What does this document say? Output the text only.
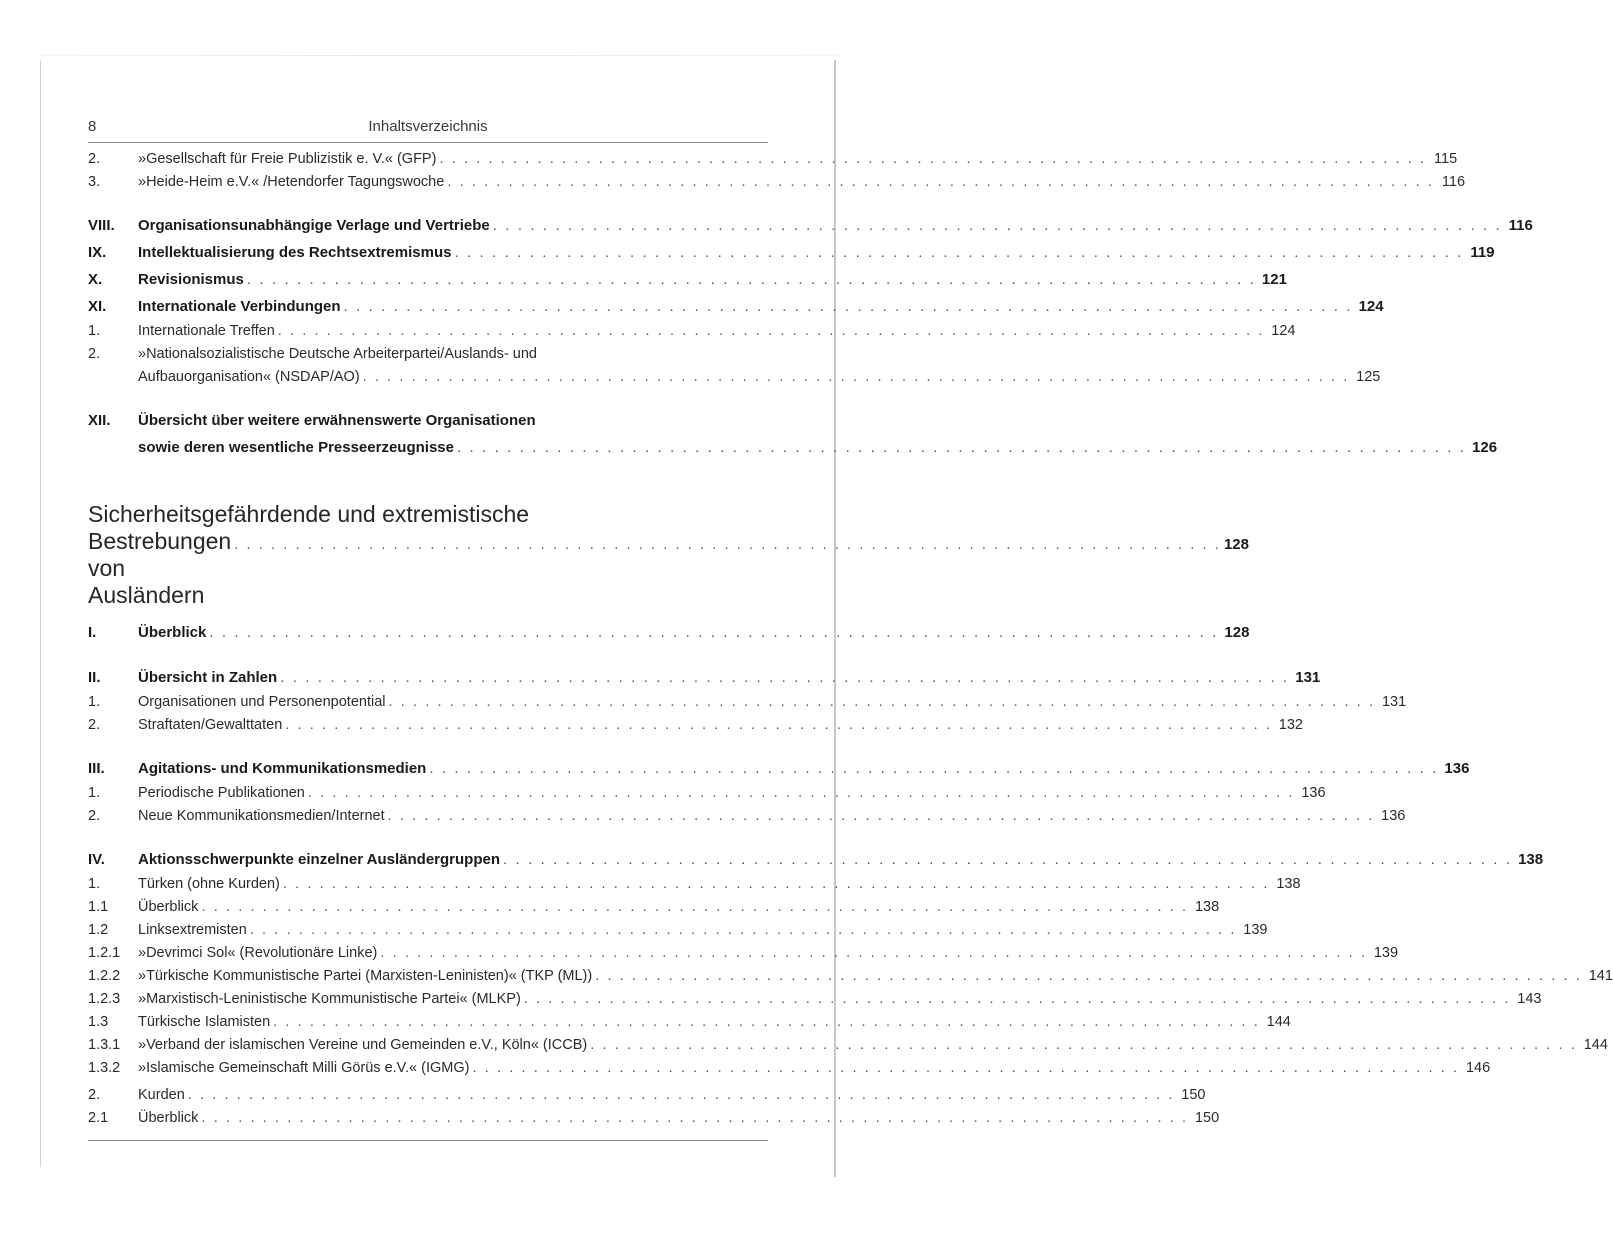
8	Inhaltsverzeichnis
2.	»Gesellschaft für Freie Publizistik e. V.« (GFP) . . . . . . . . . . . . . . . . . . . . . . . . . . . . . . . . . . . . . . . . . . . . . . . . . . . . . . . . . . . . . . . . . . . . . . . . . . . . . . . . . 115
3.	»Heide-Heim e.V.« /Hetendorfer Tagungswoche . . . . . . . . . . . . . . . . . . . . . . . . . . . . . . . . . . . . . . . . . . . . . . . . . . . . . . . . . . . . . . . . . . . . . . . . . . . . . . . . . 116
VIII.	Organisationsunabhängige Verlage und Vertriebe . . . . . . . . . . . . . . . . . . . . . . . . . . . . . . . . . . . . . . . . . . . . . . . . . . . . . . . . . . . . . . . . . . . . . . . . . . . . . . . . . 116
IX.	Intellektualisierung des Rechtsextremismus . . . . . . . . . . . . . . . . . . . . . . . . . . . . . . . . . . . . . . . . . . . . . . . . . . . . . . . . . . . . . . . . . . . . . . . . . . . . . . . . . 119
X.	Revisionismus . . . . . . . . . . . . . . . . . . . . . . . . . . . . . . . . . . . . . . . . . . . . . . . . . . . . . . . . . . . . . . . . . . . . . . . . . . . . . . . . . 121
XI.	Internationale Verbindungen . . . . . . . . . . . . . . . . . . . . . . . . . . . . . . . . . . . . . . . . . . . . . . . . . . . . . . . . . . . . . . . . . . . . . . . . . . . . . . . . . 124
1.	Internationale Treffen . . . . . . . . . . . . . . . . . . . . . . . . . . . . . . . . . . . . . . . . . . . . . . . . . . . . . . . . . . . . . . . . . . . . . . . . . . . . . . . . . 124
2.	»Nationalsozialistische Deutsche Arbeiterpartei/Auslands- und
Aufbauorganisation« (NSDAP/AO) . . . . . . . . . . . . . . . . . . . . . . . . . . . . . . . . . . . . . . . . . . . . . . . . . . . . . . . . . . . . . . . . . . . . . . . . . . . . . . . . . 125
XII.	Übersicht über weitere erwähnenswerte Organisationen
sowie deren wesentliche Presseerzeugnisse . . . . . . . . . . . . . . . . . . . . . . . . . . . . . . . . . . . . . . . . . . . . . . . . . . . . . . . . . . . . . . . . . . . . . . . . . . . . . . . . . 126
Sicherheitsgefährdende und extremistische
Bestrebungen von Ausländern
. . . . . . . . . . . . . . . . . . . . . . . . . . . . . . . . . . . . . . . . . . . . . . . . . . . . . . . . . . . . . . . . . . . . . . . . . . . . . . . . . 128
I.	Überblick . . . . . . . . . . . . . . . . . . . . . . . . . . . . . . . . . . . . . . . . . . . . . . . . . . . . . . . . . . . . . . . . . . . . . . . . . . . . . . . . . 128
II.	Übersicht in Zahlen . . . . . . . . . . . . . . . . . . . . . . . . . . . . . . . . . . . . . . . . . . . . . . . . . . . . . . . . . . . . . . . . . . . . . . . . . . . . . . . . . 131
1.	Organisationen und Personenpotential . . . . . . . . . . . . . . . . . . . . . . . . . . . . . . . . . . . . . . . . . . . . . . . . . . . . . . . . . . . . . . . . . . . . . . . . . . . . . . . . . 131
2.	Straftaten/Gewalttaten . . . . . . . . . . . . . . . . . . . . . . . . . . . . . . . . . . . . . . . . . . . . . . . . . . . . . . . . . . . . . . . . . . . . . . . . . . . . . . . . . 132
III.	Agitations- und Kommunikationsmedien . . . . . . . . . . . . . . . . . . . . . . . . . . . . . . . . . . . . . . . . . . . . . . . . . . . . . . . . . . . . . . . . . . . . . . . . . . . . . . . . . 136
1.	Periodische Publikationen . . . . . . . . . . . . . . . . . . . . . . . . . . . . . . . . . . . . . . . . . . . . . . . . . . . . . . . . . . . . . . . . . . . . . . . . . . . . . . . . . 136
2.	Neue Kommunikationsmedien/Internet . . . . . . . . . . . . . . . . . . . . . . . . . . . . . . . . . . . . . . . . . . . . . . . . . . . . . . . . . . . . . . . . . . . . . . . . . . . . . . . . . 136
IV.	Aktionsschwerpunkte einzelner Ausländergruppen . . . . . . . . . . . . . . . . . . . . . . . . . . . . . . . . . . . . . . . . . . . . . . . . . . . . . . . . . . . . . . . . . . . . . . . . . . . . . . . . . 138
1.	Türken (ohne Kurden) . . . . . . . . . . . . . . . . . . . . . . . . . . . . . . . . . . . . . . . . . . . . . . . . . . . . . . . . . . . . . . . . . . . . . . . . . . . . . . . . . 138
1.1	Überblick . . . . . . . . . . . . . . . . . . . . . . . . . . . . . . . . . . . . . . . . . . . . . . . . . . . . . . . . . . . . . . . . . . . . . . . . . . . . . . . . . 138
1.2	Linksextremisten . . . . . . . . . . . . . . . . . . . . . . . . . . . . . . . . . . . . . . . . . . . . . . . . . . . . . . . . . . . . . . . . . . . . . . . . . . . . . . . . . 139
1.2.1	»Devrimci Sol« (Revolutionäre Linke) . . . . . . . . . . . . . . . . . . . . . . . . . . . . . . . . . . . . . . . . . . . . . . . . . . . . . . . . . . . . . . . . . . . . . . . . . . . . . . . . . 139
1.2.2	»Türkische Kommunistische Partei (Marxisten-Leninisten)« (TKP (ML)) . . . . . . . . . . . . . . . . . . . . . . . . . . . . . . . . . . . . . . . . . . . . . . . . . . . . . . . . . . . . . . . . . . . . . . . . . . . . . . . . . 141
1.2.3	»Marxistisch-Leninistische Kommunistische Partei« (MLKP) . . . . . . . . . . . . . . . . . . . . . . . . . . . . . . . . . . . . . . . . . . . . . . . . . . . . . . . . . . . . . . . . . . . . . . . . . . . . . . . . . 143
1.3	Türkische Islamisten . . . . . . . . . . . . . . . . . . . . . . . . . . . . . . . . . . . . . . . . . . . . . . . . . . . . . . . . . . . . . . . . . . . . . . . . . . . . . . . . . 144
1.3.1	»Verband der islamischen Vereine und Gemeinden e.V., Köln« (ICCB) . . . . . . . . . . . . . . . . . . . . . . . . . . . . . . . . . . . . . . . . . . . . . . . . . . . . . . . . . . . . . . . . . . . . . . . . . . . . . . . . . 144
1.3.2	»Islamische Gemeinschaft Milli Görüs e.V.« (IGMG) . . . . . . . . . . . . . . . . . . . . . . . . . . . . . . . . . . . . . . . . . . . . . . . . . . . . . . . . . . . . . . . . . . . . . . . . . . . . . . . . . 146
2.	Kurden . . . . . . . . . . . . . . . . . . . . . . . . . . . . . . . . . . . . . . . . . . . . . . . . . . . . . . . . . . . . . . . . . . . . . . . . . . . . . . . . . 150
2.1	Überblick . . . . . . . . . . . . . . . . . . . . . . . . . . . . . . . . . . . . . . . . . . . . . . . . . . . . . . . . . . . . . . . . . . . . . . . . . . . . . . . . . 150
